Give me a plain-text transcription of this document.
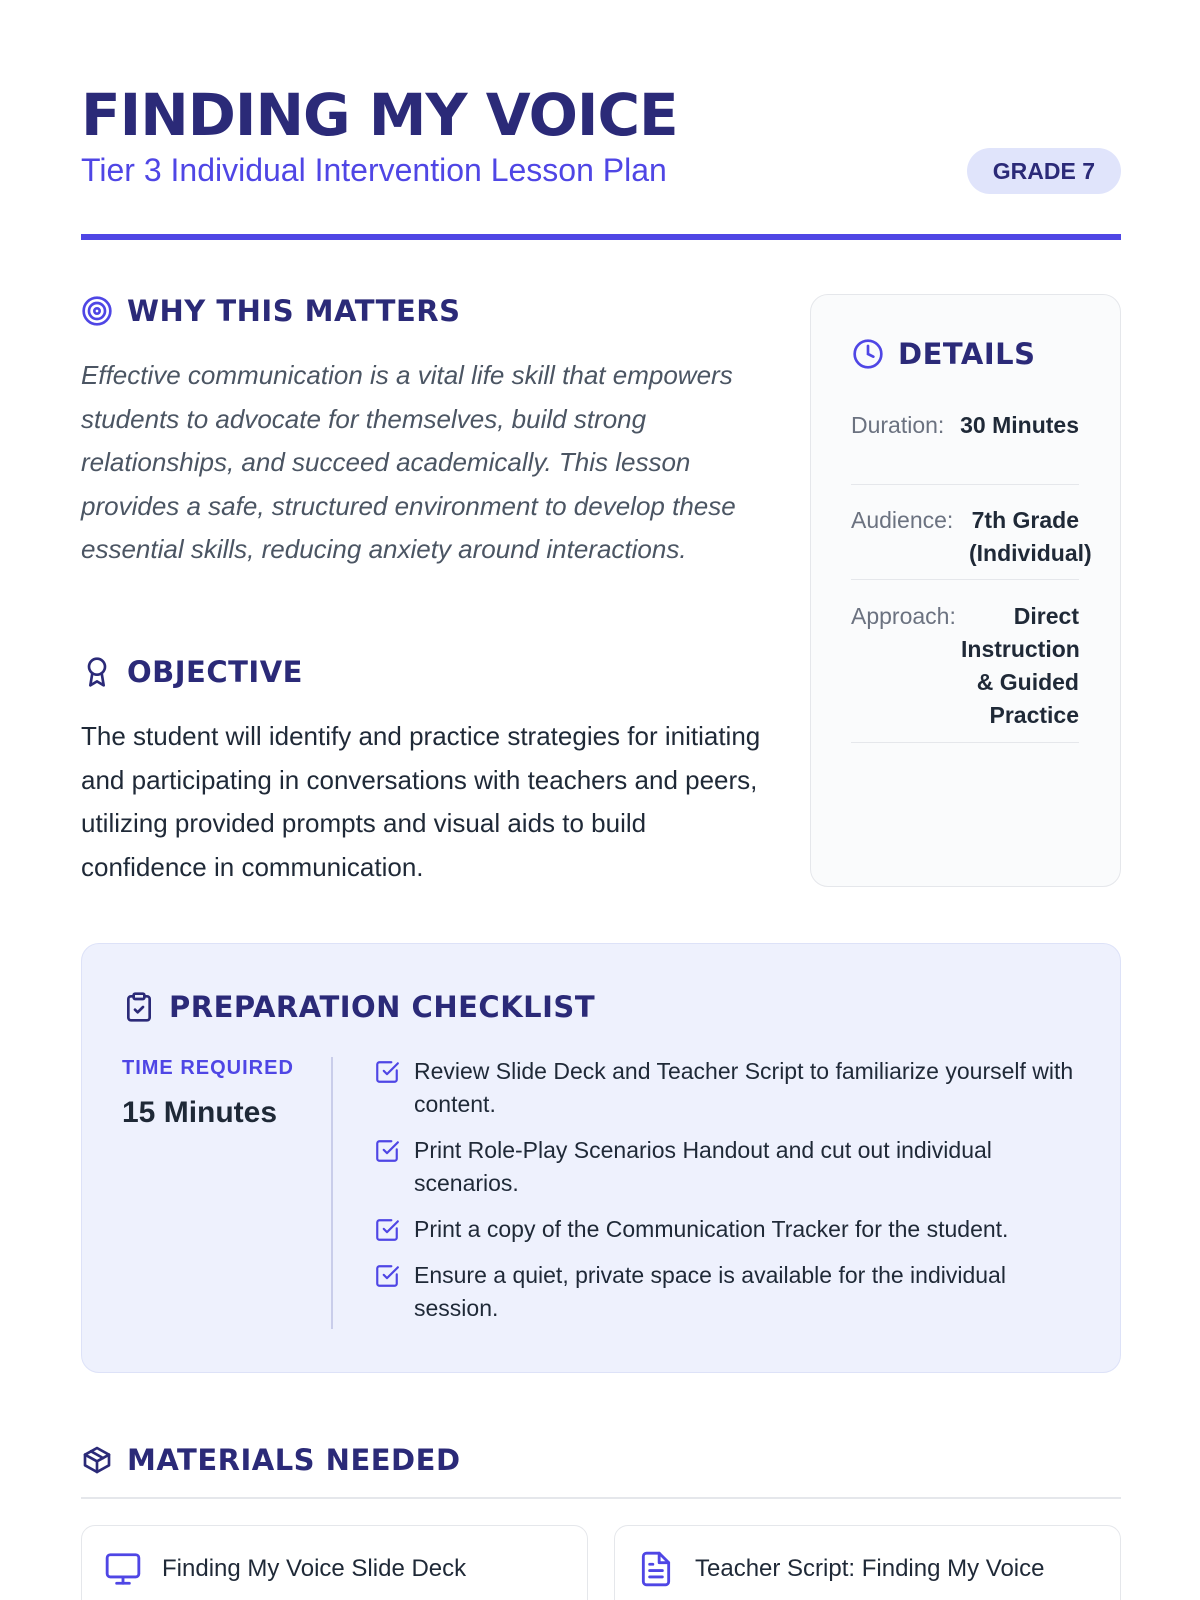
FINDING MY VOICE
Tier 3 Individual Intervention Lesson Plan	GRADE 7
WHY THIS MATTERS

Effective communication is a vital life skill that empowers students to advocate for themselves, build strong relationships, and succeed academically. This lesson provides a safe, structured environment to develop these essential skills, reducing anxiety around interactions.

OBJECTIVE

The student will identify and practice strategies for initiating and participating in conversations with teachers and peers, utilizing provided prompts and visual aids to build confidence in communication.

DETAILS
Duration: 30 Minutes
Audience: 7th Grade (Individual)
Approach:	Direct Instruction & Guided Practice
PREPARATION CHECKLIST
TIME REQUIRED
15 Minutes
Review Slide Deck and Teacher Script to familiarize yourself with content.
Print Role-Play Scenarios Handout and cut out individual scenarios.
Print a copy of the Communication Tracker for the student.
Ensure a quiet, private space is available for the individual session.
MATERIALS NEEDED
Finding My Voice Slide Deck	Teacher Script: Finding My Voice
